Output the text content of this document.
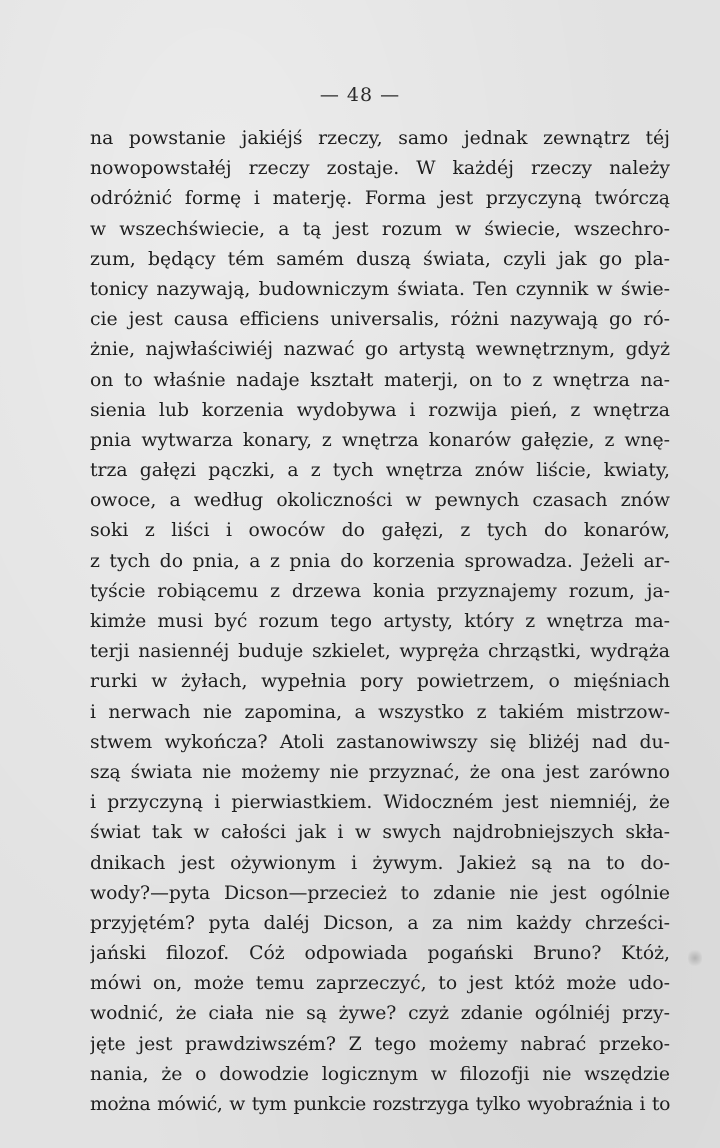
— 48 —
na powstanie jakiéjś rzeczy, samo jednak zewnątrz téj
nowopowstałéj rzeczy zostaje. W każdéj rzeczy należy
odróżnić formę i materję. Forma jest przyczyną twórczą
w wszechświecie, a tą jest rozum w świecie, wszechro-
zum, będący tém samém duszą świata, czyli jak go pla-
tonicy nazywają, budowniczym świata. Ten czynnik w świe-
cie jest causa efficiens universalis, różni nazywają go ró-
żnie, najwłaściwiéj nazwać go artystą wewnętrznym, gdyż
on to właśnie nadaje kształt materji, on to z wnętrza na-
sienia lub korzenia wydobywa i rozwija pień, z wnętrza
pnia wytwarza konary, z wnętrza konarów gałęzie, z wnę-
trza gałęzi pączki, a z tych wnętrza znów liście, kwiaty,
owoce, a według okoliczności w pewnych czasach znów
soki z liści i owoców do gałęzi, z tych do konarów,
z tych do pnia, a z pnia do korzenia sprowadza. Jeżeli ar-
tyście robiącemu z drzewa konia przyznajemy rozum, ja-
kimże musi być rozum tego artysty, który z wnętrza ma-
terji nasiennéj buduje szkielet, wypręża chrząstki, wydrąża
rurki w żyłach, wypełnia pory powietrzem, o mięśniach
i nerwach nie zapomina, a wszystko z takiém mistrzow-
stwem wykończa? Atoli zastanowiwszy się bliżéj nad du-
szą świata nie możemy nie przyznać, że ona jest zarówno
i przyczyną i pierwiastkiem. Widoczném jest niemniéj, że
świat tak w całości jak i w swych najdrobniejszych skła-
dnikach jest ożywionym i żywym. Jakież są na to do-
wody?—pyta Dicson—przecież to zdanie nie jest ogólnie
przyjętém? pyta daléj Dicson, a za nim każdy chrześci-
jański filozof. Cóż odpowiada pogański Bruno? Któż,
mówi on, może temu zaprzeczyć, to jest któż może udo-
wodnić, że ciała nie są żywe? czyż zdanie ogólniéj przy-
jęte jest prawdziwszém? Z tego możemy nabrać przeko-
nania, że o dowodzie logicznym w filozofji nie wszędzie
można mówić, w tym punkcie rozstrzyga tylko wyobraźnia i to
